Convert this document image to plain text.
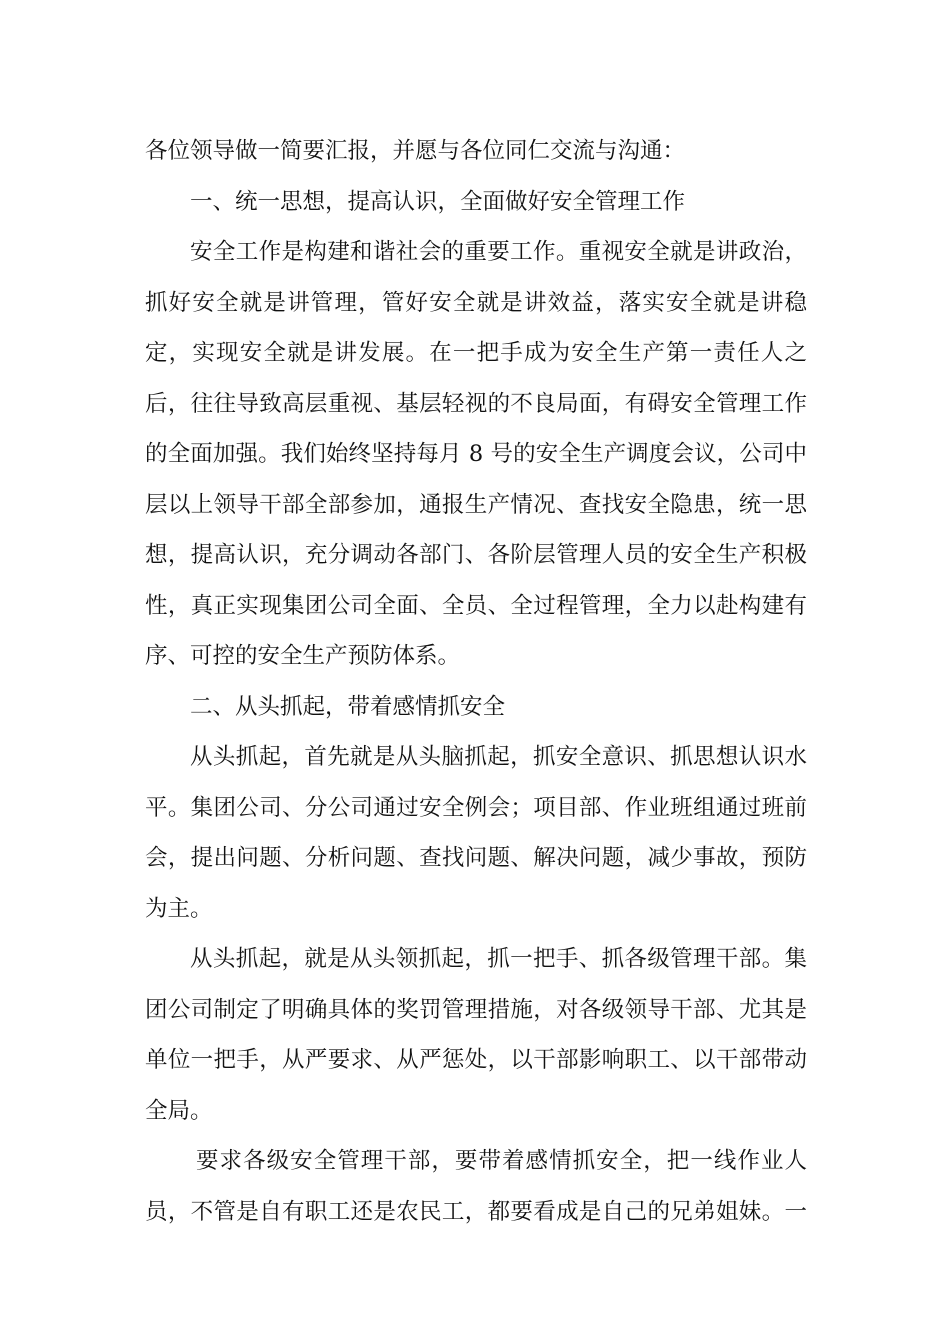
各位领导做一简要汇报，并愿与各位同仁交流与沟通：

一、统一思想，提高认识，全面做好安全管理工作

安全工作是构建和谐社会的重要工作。重视安全就是讲政治，
抓好安全就是讲管理，管好安全就是讲效益，落实安全就是讲稳
定，实现安全就是讲发展。在一把手成为安全生产第一责任人之
后，往往导致高层重视、基层轻视的不良局面，有碍安全管理工作
的全面加强。我们始终坚持每月 8 号的安全生产调度会议，公司中
层以上领导干部全部参加，通报生产情况、查找安全隐患，统一思
想，提高认识，充分调动各部门、各阶层管理人员的安全生产积极
性，真正实现集团公司全面、全员、全过程管理，全力以赴构建有
序、可控的安全生产预防体系。

二、从头抓起，带着感情抓安全

从头抓起，首先就是从头脑抓起，抓安全意识、抓思想认识水
平。集团公司、分公司通过安全例会；项目部、作业班组通过班前
会，提出问题、分析问题、查找问题、解决问题，减少事故，预防
为主。

从头抓起，就是从头领抓起，抓一把手、抓各级管理干部。集
团公司制定了明确具体的奖罚管理措施，对各级领导干部、尤其是
单位一把手，从严要求、从严惩处，以干部影响职工、以干部带动
全局。

要求各级安全管理干部，要带着感情抓安全，把一线作业人
员，不管是自有职工还是农民工，都要看成是自己的兄弟姐妹。一
